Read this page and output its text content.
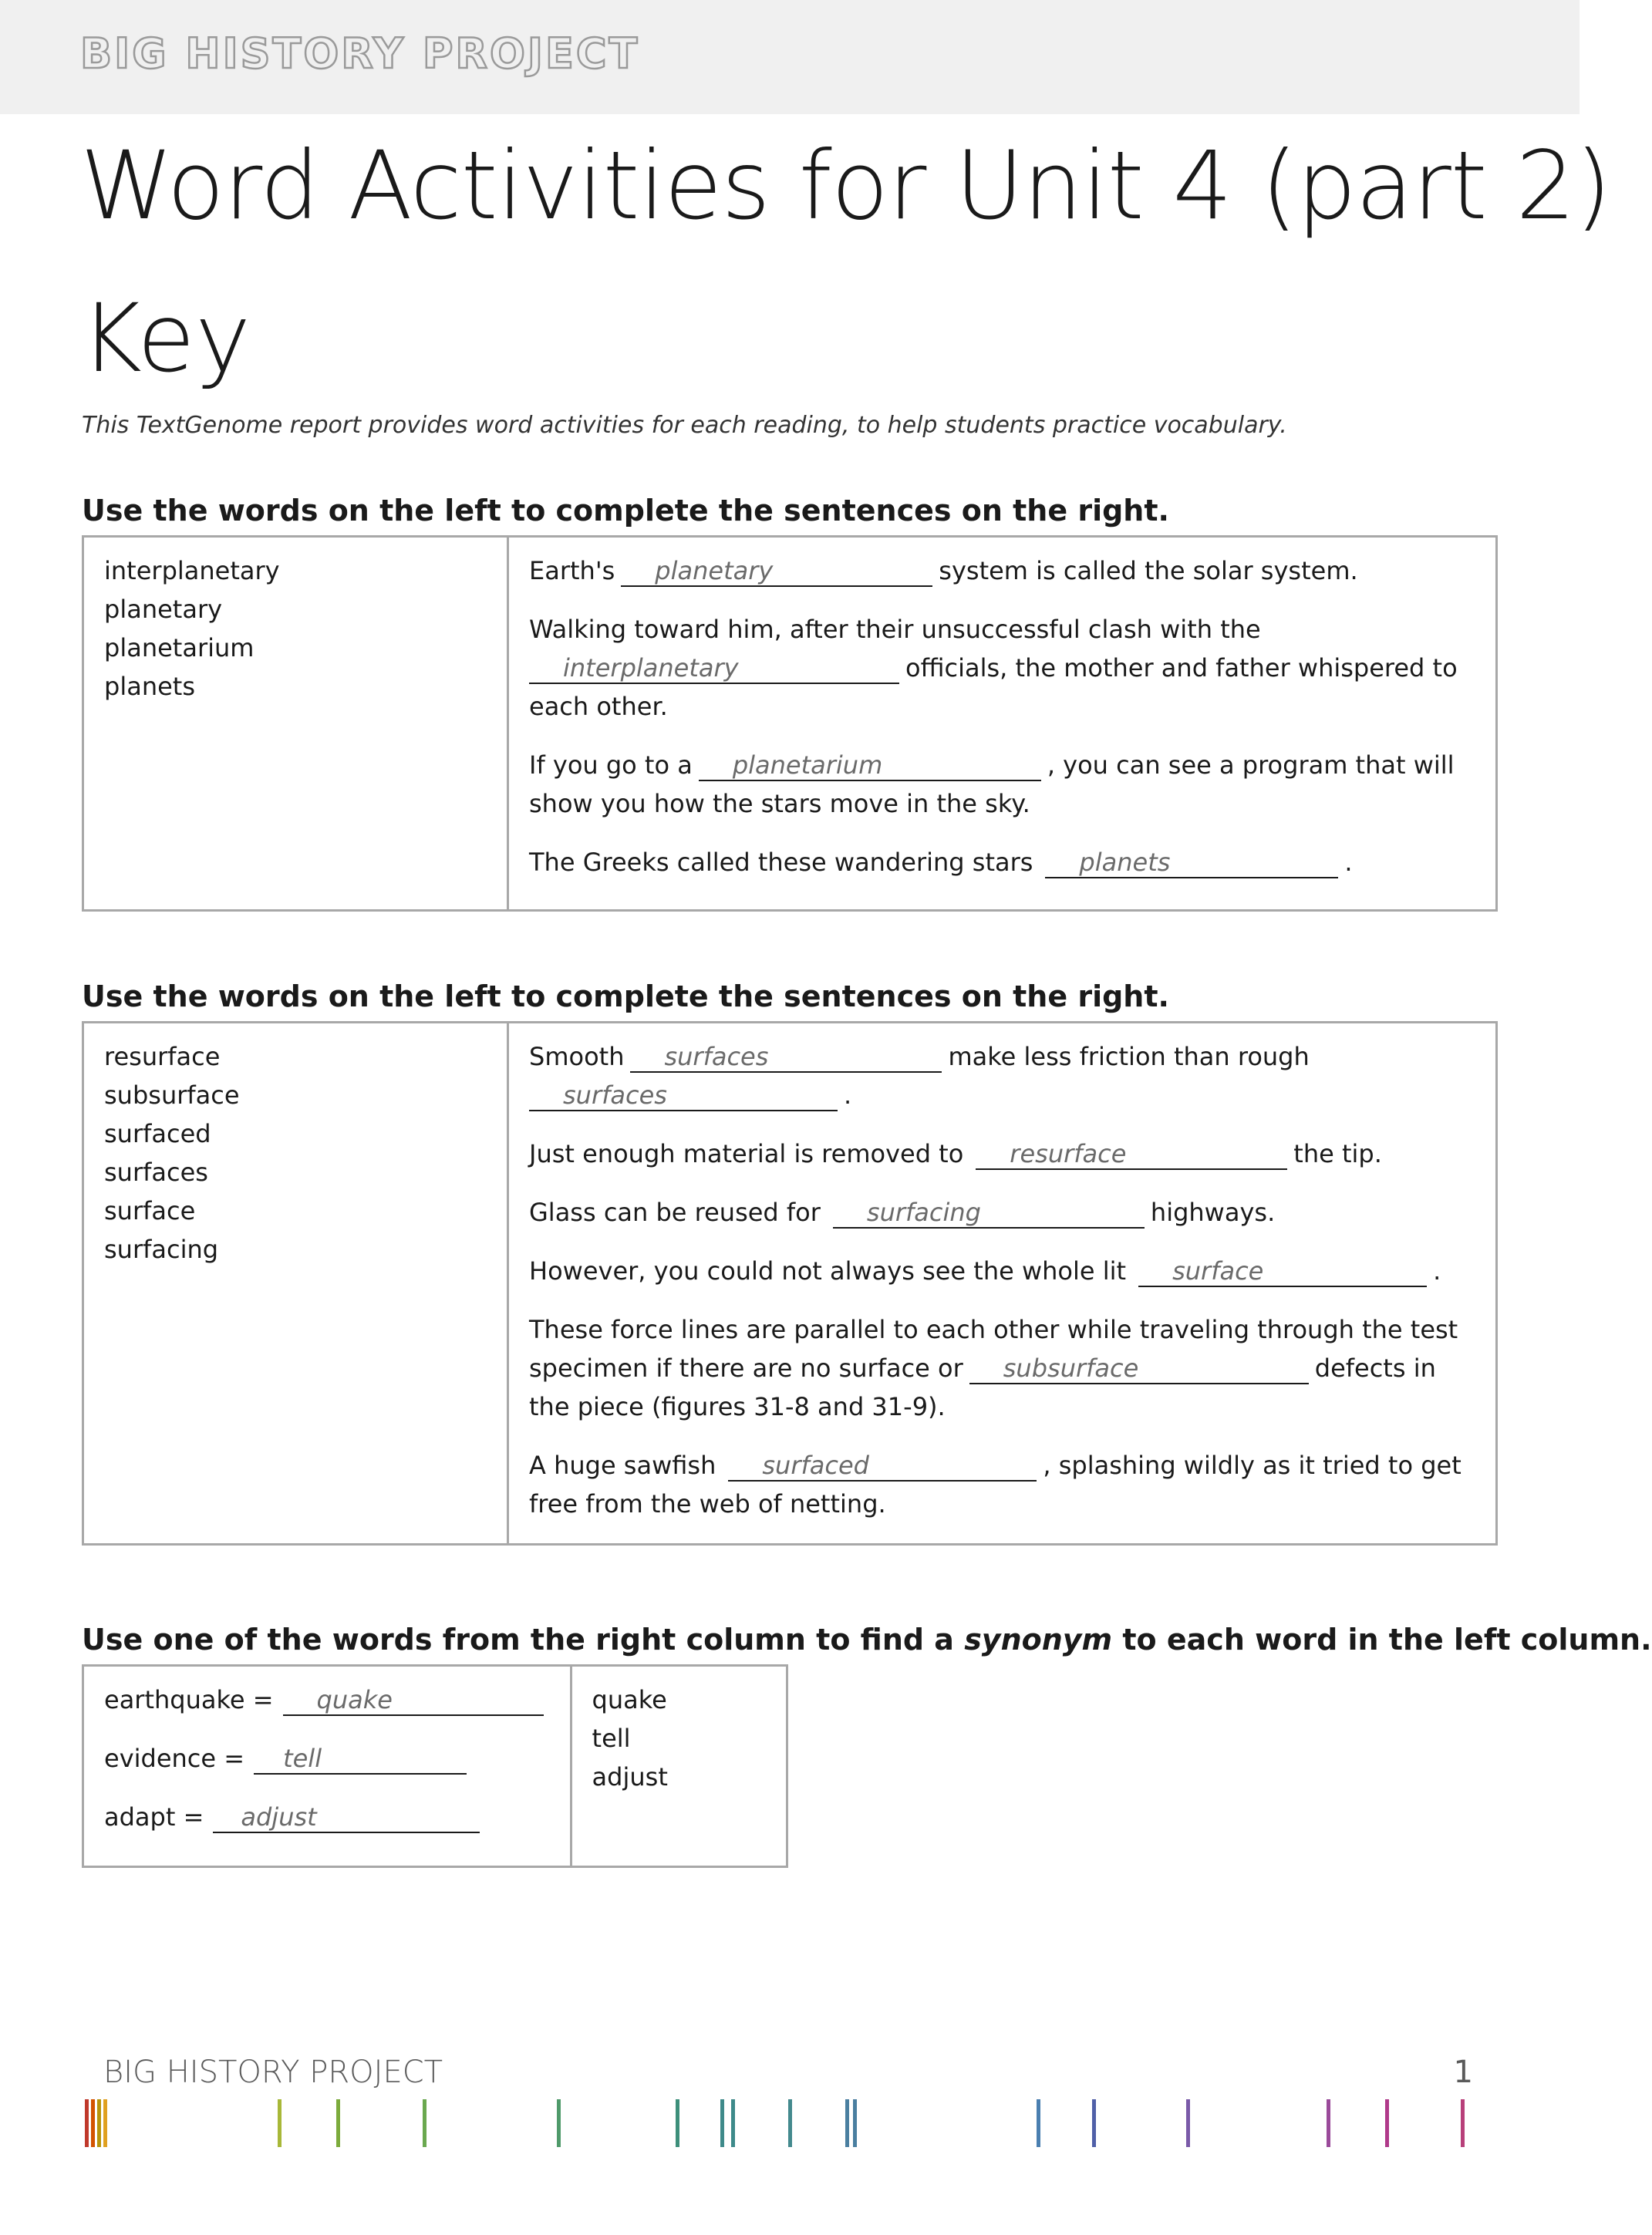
BIG HISTORY PROJECT
Word Activities for Unit 4 (part 2)
Key
This TextGenome report provides word activities for each reading, to help students practice vocabulary.
Use the words on the left to complete the sentences on the right.
interplanetary
planetary
planetarium
planets

Earth's planetary	system is called the solar system.
Walking toward him, after their unsuccessful clash with the
interplanetary	officials, the mother and father whispered to each other.
If you go to a planetarium	, you can see a program that will show you how the stars move in the sky.
The Greeks called these wandering stars planets	.
Use the words on the left to complete the sentences on the right.
resurface
subsurface
surfaced
surfaces
surface
surfacing

Smooth surfaces	make less friction than rough
surfaces	.
Just enough material is removed to resurface	the tip.
Glass can be reused for surfacing	highways.
However, you could not always see the whole lit surface	.
These force lines are parallel to each other while traveling through the test specimen if there are no surface or subsurface	defects in the piece (figures 31-8 and 31-9).
A huge sawfish surfaced	, splashing wildly as it tried to get free from the web of netting.
Use one of the words from the right column to find a synonym to each word in the left column.
earthquake = quake
evidence = tell
adapt = adjust

quake
tell
adjust
BIG HISTORY PROJECT	1
